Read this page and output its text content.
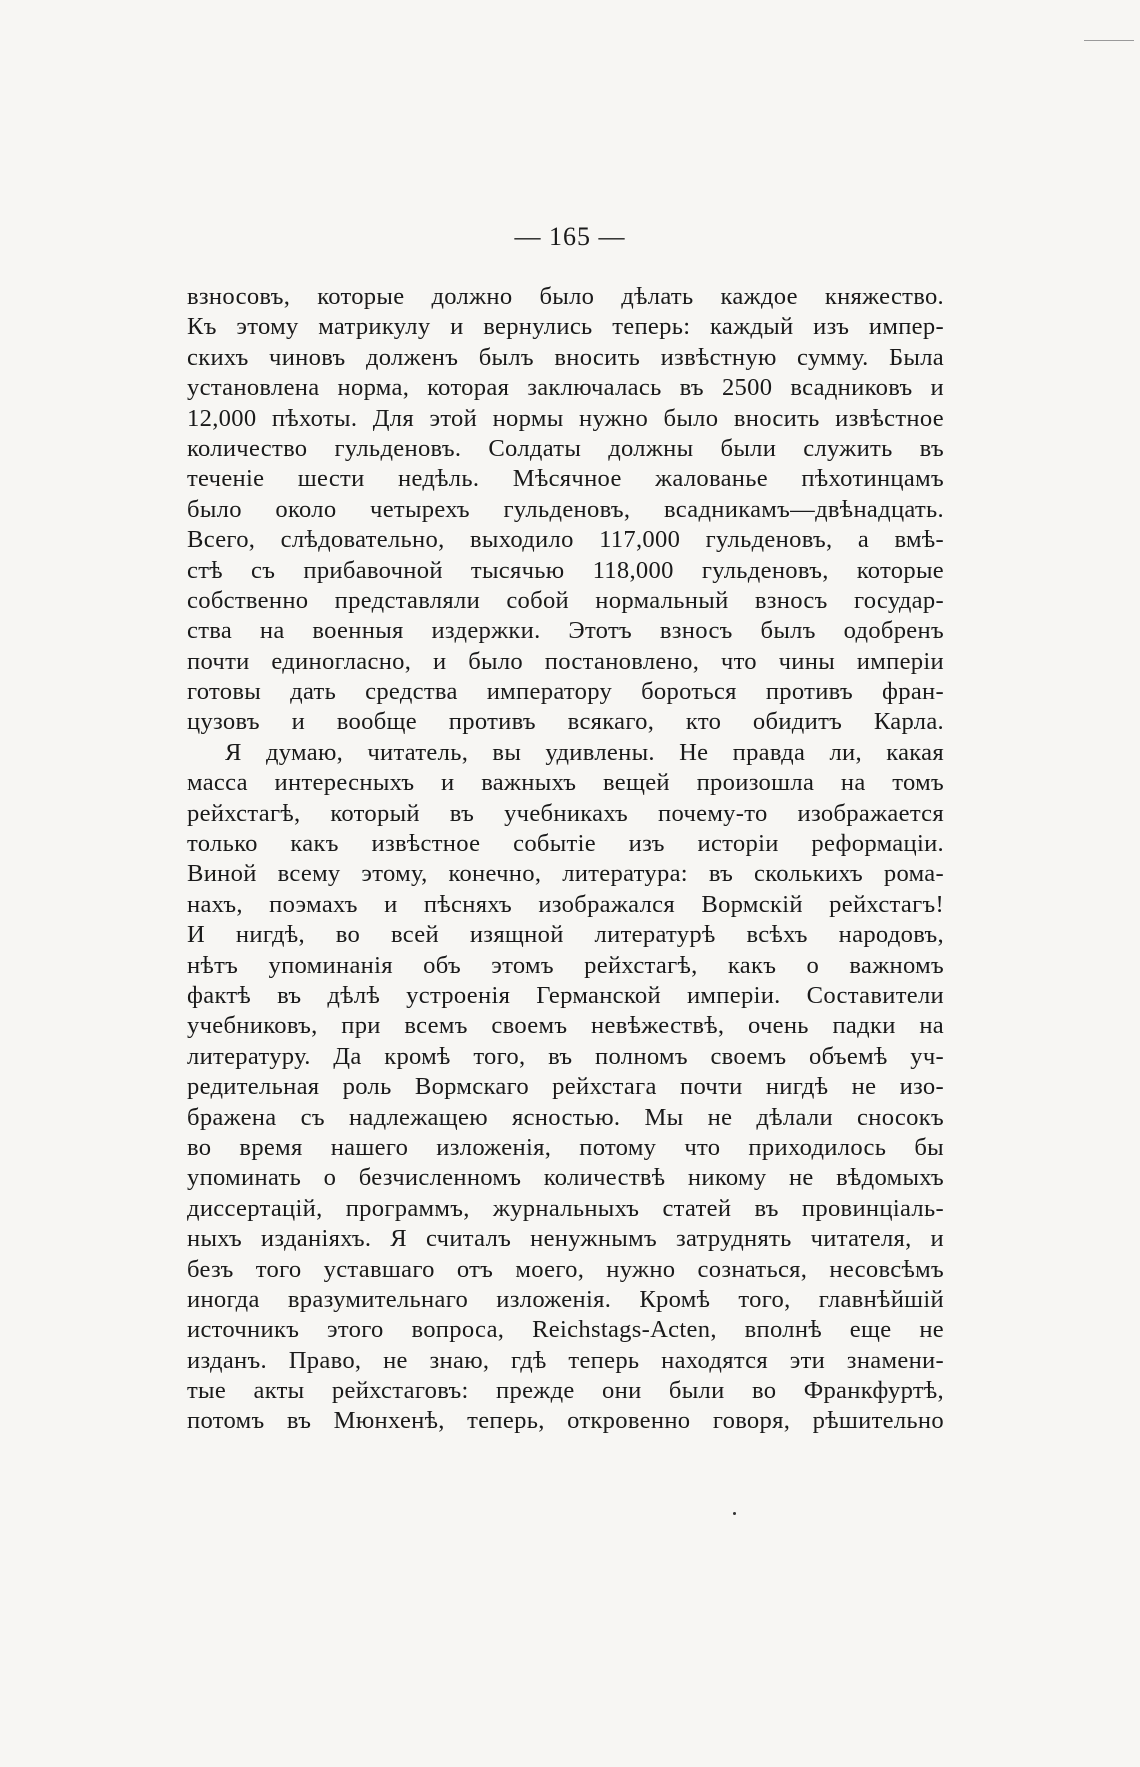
— 165 —
взносовъ, которые должно было дѣлать каждое княжество.
Къ этому матрикулу и вернулись теперь: каждый изъ импер-
скихъ чиновъ долженъ былъ вносить извѣстную сумму. Была
установлена норма, которая заключалась въ 2500 всадниковъ и
12,000 пѣхоты. Для этой нормы нужно было вносить извѣстное
количество гульденовъ. Солдаты должны были служить въ
теченіе шести недѣль. Мѣсячное жалованье пѣхотинцамъ
было около четырехъ гульденовъ, всадникамъ—двѣнадцать.
Всего, слѣдовательно, выходило 117,000 гульденовъ, а вмѣ-
стѣ съ прибавочной тысячью 118,000 гульденовъ, которые
собственно представляли собой нормальный взносъ государ-
ства на военныя издержки. Этотъ взносъ былъ одобренъ
почти единогласно, и было постановлено, что чины имперіи
готовы дать средства императору бороться противъ фран-
цузовъ и вообще противъ всякаго, кто обидитъ Карла.
Я думаю, читатель, вы удивлены. Не правда ли, какая
масса интересныхъ и важныхъ вещей произошла на томъ
рейхстагѣ, который въ учебникахъ почему-то изображается
только какъ извѣстное событіе изъ исторіи реформаціи.
Виной всему этому, конечно, литература: въ сколькихъ рома-
нахъ, поэмахъ и пѣсняхъ изображался Вормскій рейхстагъ!
И нигдѣ, во всей изящной литературѣ всѣхъ народовъ,
нѣтъ упоминанія объ этомъ рейхстагѣ, какъ о важномъ
фактѣ въ дѣлѣ устроенія Германской имперіи. Составители
учебниковъ, при всемъ своемъ невѣжествѣ, очень падки на
литературу. Да кромѣ того, въ полномъ своемъ объемѣ уч-
редительная роль Вормскаго рейхстага почти нигдѣ не изо-
бражена съ надлежащею ясностью. Мы не дѣлали сносокъ
во время нашего изложенія, потому что приходилось бы
упоминать о безчисленномъ количествѣ никому не вѣдомыхъ
диссертацій, программъ, журнальныхъ статей въ провинціаль-
ныхъ изданіяхъ. Я считалъ ненужнымъ затруднять читателя, и
безъ того уставшаго отъ моего, нужно сознаться, несовсѣмъ
иногда вразумительнаго изложенія. Кромѣ того, главнѣйшій
источникъ этого вопроса, Reichstags-Acten, вполнѣ еще не
изданъ. Право, не знаю, гдѣ теперь находятся эти знамени-
тые акты рейхстаговъ: прежде они были во Франкфуртѣ,
потомъ въ Мюнхенѣ, теперь, откровенно говоря, рѣшительно
